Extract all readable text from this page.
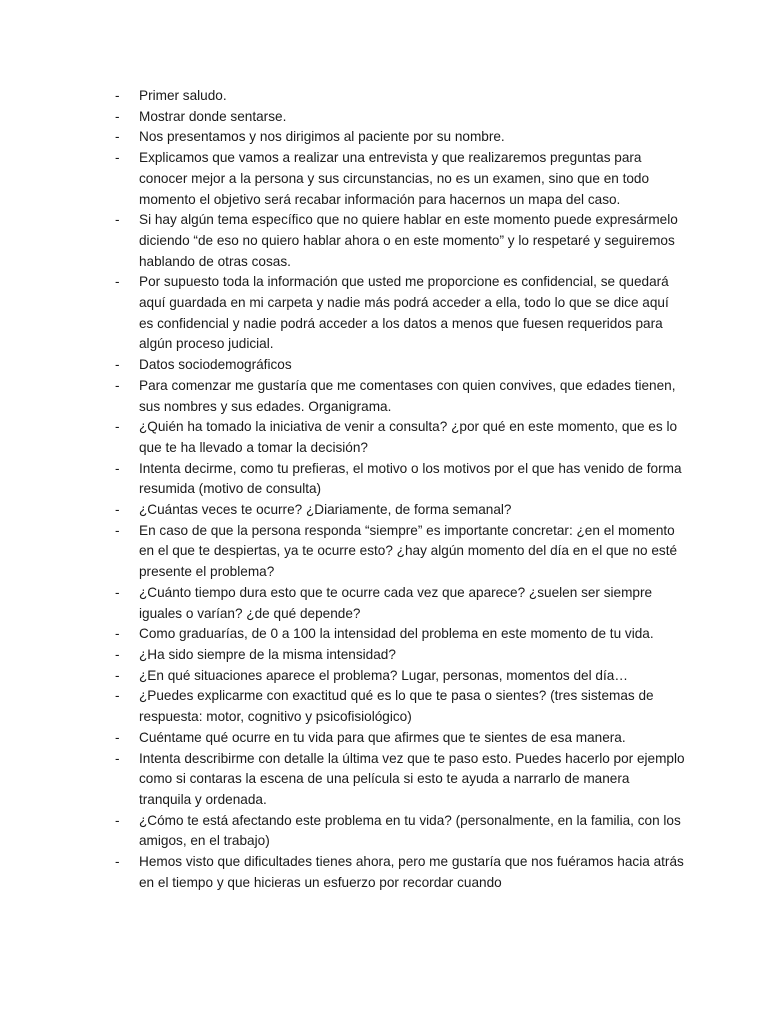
- Primer saludo.
- Mostrar donde sentarse.
- Nos presentamos y nos dirigimos al paciente por su nombre.
- Explicamos que vamos a realizar una entrevista y que realizaremos preguntas para conocer mejor a la persona y sus circunstancias, no es un examen, sino que en todo momento el objetivo será recabar información para hacernos un mapa del caso.
- Si hay algún tema específico que no quiere hablar en este momento puede expresármelo diciendo “de eso no quiero hablar ahora o en este momento” y lo respetaré y seguiremos hablando de otras cosas.
- Por supuesto toda la información que usted me proporcione es confidencial, se quedará aquí guardada en mi carpeta y nadie más podrá acceder a ella, todo lo que se dice aquí es confidencial y nadie podrá acceder a los datos a menos que fuesen requeridos para algún proceso judicial.
- Datos sociodemográficos
- Para comenzar me gustaría que me comentases con quien convives, que edades tienen, sus nombres y sus edades. Organigrama.
- ¿Quién ha tomado la iniciativa de venir a consulta? ¿por qué en este momento, que es lo que te ha llevado a tomar la decisión?
- Intenta decirme, como tu prefieras, el motivo o los motivos por el que has venido de forma resumida (motivo de consulta)
- ¿Cuántas veces te ocurre? ¿Diariamente, de forma semanal?
- En caso de que la persona responda “siempre” es importante concretar: ¿en el momento en el que te despiertas, ya te ocurre esto? ¿hay algún momento del día en el que no esté presente el problema?
- ¿Cuánto tiempo dura esto que te ocurre cada vez que aparece? ¿suelen ser siempre iguales o varían? ¿de qué depende?
- Como graduarías, de 0 a 100 la intensidad del problema en este momento de tu vida.
- ¿Ha sido siempre de la misma intensidad?
- ¿En qué situaciones aparece el problema? Lugar, personas, momentos del día…
- ¿Puedes explicarme con exactitud qué es lo que te pasa o sientes? (tres sistemas de respuesta: motor, cognitivo y psicofisiológico)
- Cuéntame qué ocurre en tu vida para que afirmes que te sientes de esa manera.
- Intenta describirme con detalle la última vez que te paso esto. Puedes hacerlo por ejemplo como si contaras la escena de una película si esto te ayuda a narrarlo de manera tranquila y ordenada.
- ¿Cómo te está afectando este problema en tu vida? (personalmente, en la familia, con los amigos, en el trabajo)
- Hemos visto que dificultades tienes ahora, pero me gustaría que nos fuéramos hacia atrás en el tiempo y que hicieras un esfuerzo por recordar cuando
